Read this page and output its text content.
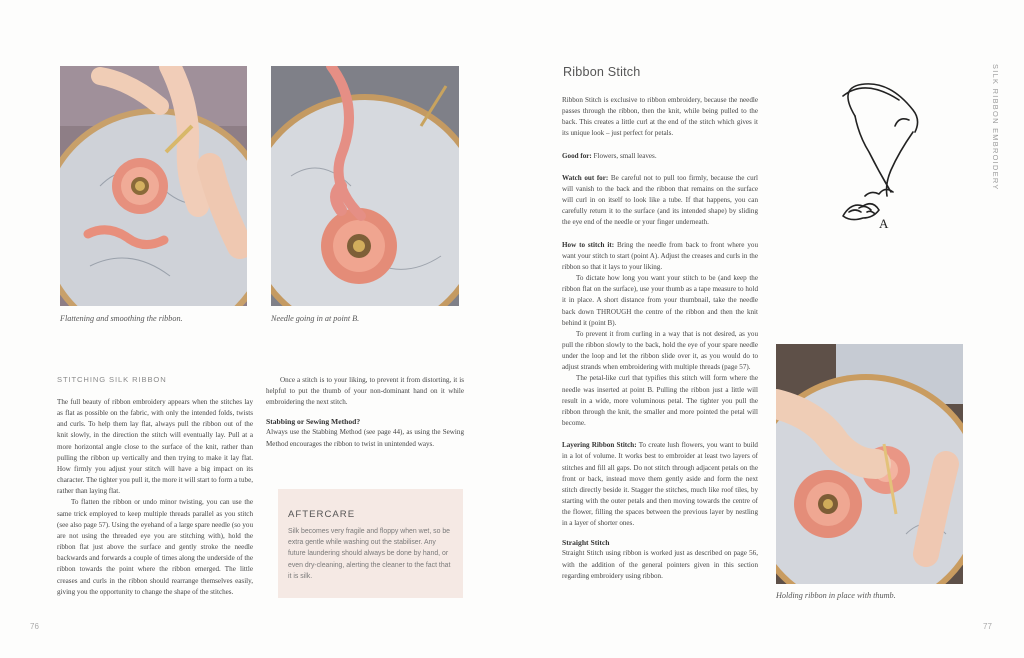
Flattening and smoothing the ribbon.	Needle going in at point B.
STITCHING SILK RIBBON

The full beauty of ribbon embroidery appears when the stitches lay as flat as possible on the fabric, with only the intended folds, twists and curls. To help them lay flat, always pull the ribbon out of the knit slowly, in the direction the stitch will eventually lay. Pull at a more horizontal angle close to the surface of the knit, rather than pulling the ribbon up vertically and then trying to make it lay flat. How firmly you adjust your stitch will have a big impact on its character. The tighter you pull it, the more it will start to form a tube, rather than laying flat.

To flatten the ribbon or undo minor twisting, you can use the same trick employed to keep multiple threads parallel as you stitch (see also page 57). Using the eyehand of a large spare needle (so you are not using the threaded eye you are stitching with), hold the ribbon flat just above the surface and gently stroke the needle backwards and forwards a couple of times along the underside of the ribbon towards the point where the ribbon emerged. The little creases and curls in the ribbon should rearrange themselves easily, giving you the opportunity to change the shape of the stitches.

Once a stitch is to your liking, to prevent it from distorting, it is helpful to put the thumb of your non-dominant hand on it while embroidering the next stitch.

Stabbing or Sewing Method?

Always use the Stabbing Method (see page 44), as using the Sewing Method encourages the ribbon to twist in unintended ways.

AFTERCARE
Silk becomes very fragile and floppy when wet, so be extra gentle while washing out the stabiliser. Any future laundering should always be done by hand, or even dry-cleaning, alerting the cleaner to the fact that it is silk.
76
Ribbon Stitch	SILK RIBBON EMBROIDERY

Ribbon Stitch is exclusive to ribbon embroidery, because the needle passes through the ribbon, then the knit, while being pulled to the back. This creates a little curl at the end of the stitch which gives it its unique look – just perfect for petals.

Good for: Flowers, small leaves.

Watch out for: Be careful not to pull too firmly, because the curl will vanish to the back and the ribbon that remains on the surface will curl in on itself to look like a tube. If that happens, you can carefully return it to the surface (and its intended shape) by sliding the eye end of the needle or your finger underneath.

How to stitch it: Bring the needle from back to front where you want your stitch to start (point A). Adjust the creases and curls in the ribbon so that it lays to your liking.

To dictate how long you want your stitch to be (and keep the ribbon flat on the surface), use your thumb as a tape measure to hold it in place. A short distance from your thumbnail, take the needle back down THROUGH the centre of the ribbon and then the knit behind it (point B).

To prevent it from curling in a way that is not desired, as you pull the ribbon slowly to the back, hold the eye of your spare needle under the loop and let the ribbon slide over it, as you would do to adjust strands when embroidering with multiple threads (page 57).

The petal-like curl that typifies this stitch will form where the needle was inserted at point B. Pulling the ribbon just a little will result in a wide, more voluminous petal. The tighter you pull the ribbon through the knit, the smaller and more pointed the petal will become.

Layering Ribbon Stitch: To create lush flowers, you want to build in a lot of volume. It works best to embroider at least two layers of stitches and fill all gaps. Do not stitch through adjacent petals on the front or back, instead move them gently aside and form the next stitch directly beside it. Stagger the stitches, much like roof tiles, by starting with the outer petals and then moving towards the centre of the flower, filling the spaces between the previous layer by nestling in a layer of shorter ones.

Straight Stitch

Straight Stitch using ribbon is worked just as described on page 56, with the addition of the general pointers given in this section regarding embroidery using ribbon.

A
Holding ribbon in place with thumb.
77
